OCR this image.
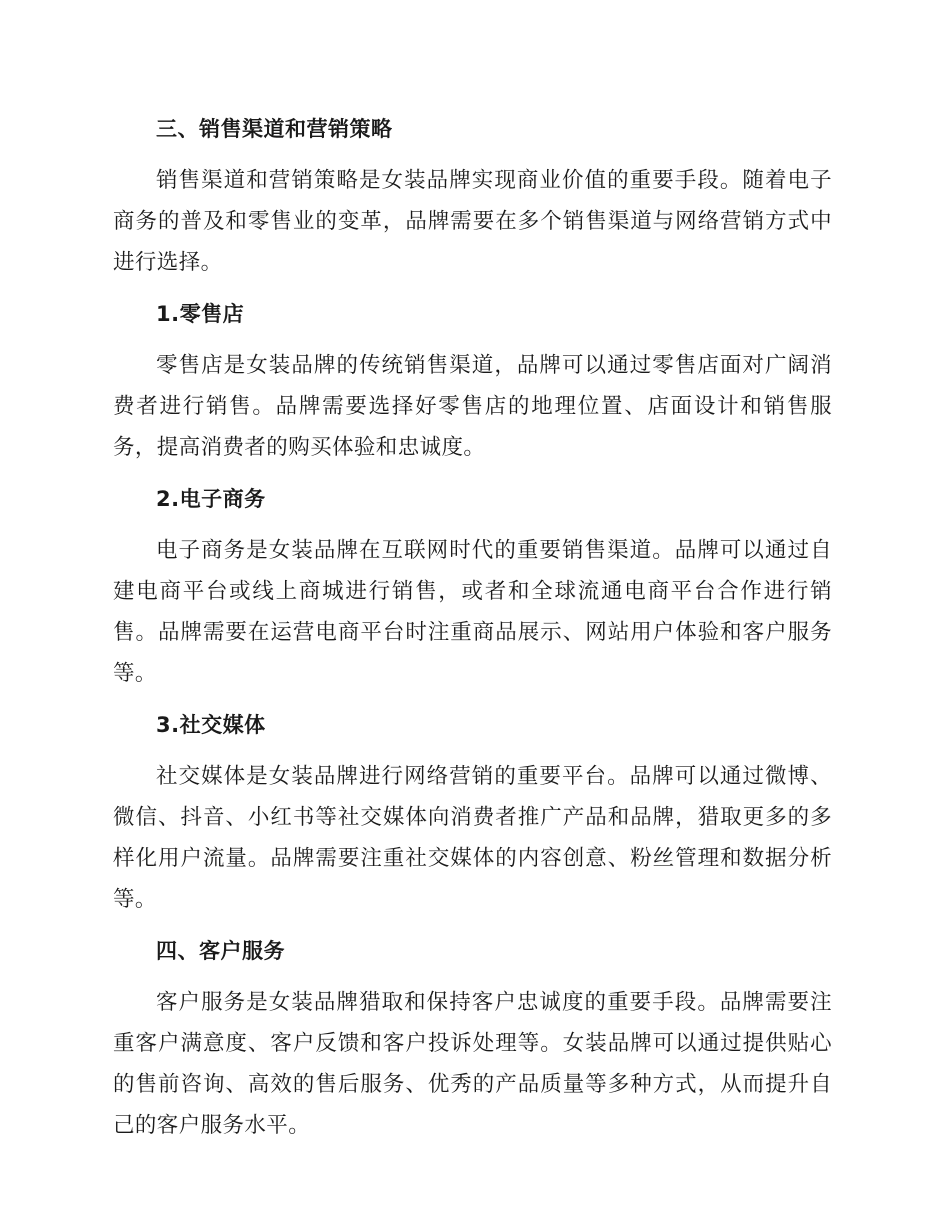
三、销售渠道和营销策略

销售渠道和营销策略是女装品牌实现商业价值的重要手段。随着电子商务的普及和零售业的变革，品牌需要在多个销售渠道与网络营销方式中进行选择。

1.零售店

零售店是女装品牌的传统销售渠道，品牌可以通过零售店面对广阔消费者进行销售。品牌需要选择好零售店的地理位置、店面设计和销售服务，提高消费者的购买体验和忠诚度。

2.电子商务

电子商务是女装品牌在互联网时代的重要销售渠道。品牌可以通过自建电商平台或线上商城进行销售，或者和全球流通电商平台合作进行销售。品牌需要在运营电商平台时注重商品展示、网站用户体验和客户服务等。

3.社交媒体

社交媒体是女装品牌进行网络营销的重要平台。品牌可以通过微博、微信、抖音、小红书等社交媒体向消费者推广产品和品牌，猎取更多的多样化用户流量。品牌需要注重社交媒体的内容创意、粉丝管理和数据分析等。

四、客户服务

客户服务是女装品牌猎取和保持客户忠诚度的重要手段。品牌需要注重客户满意度、客户反馈和客户投诉处理等。女装品牌可以通过提供贴心的售前咨询、高效的售后服务、优秀的产品质量等多种方式，从而提升自己的客户服务水平。
